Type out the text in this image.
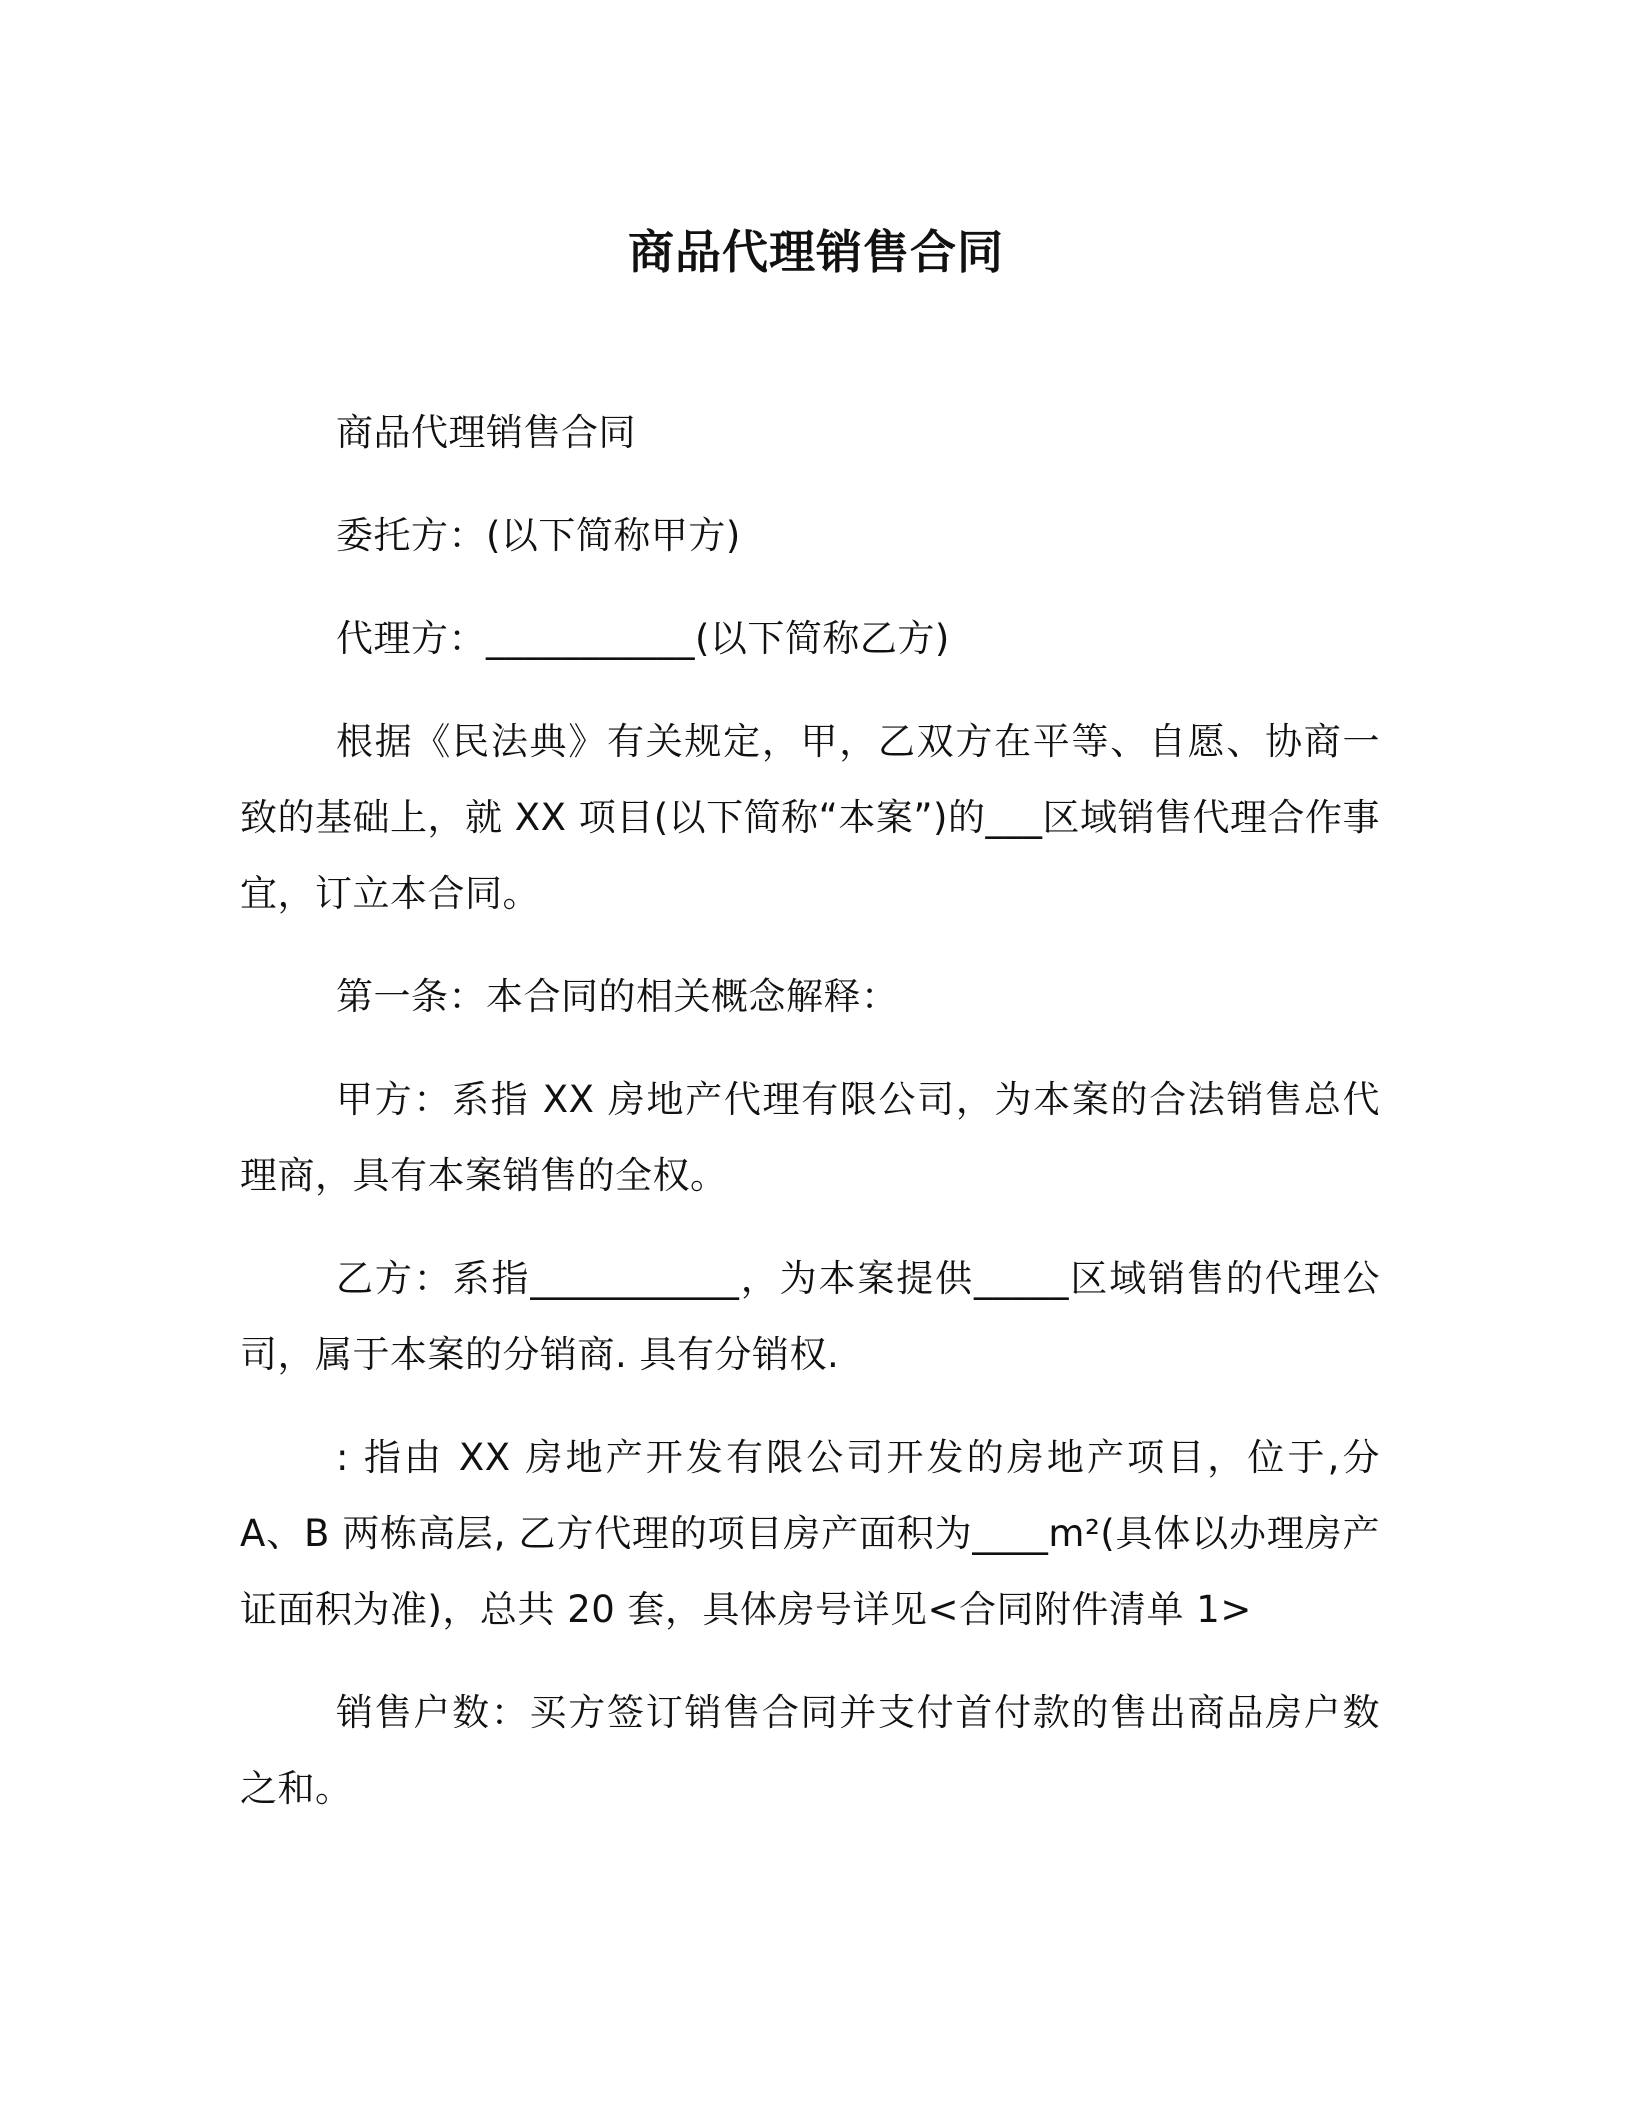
商品代理销售合同

商品代理销售合同

委托方：(以下简称甲方)

代理方：___________(以下简称乙方)

根据《民法典》有关规定，甲，乙双方在平等、自愿、协商一致的基础上，就 XX 项目(以下简称“本案”)的___区域销售代理合作事宜，订立本合同。

第一条：本合同的相关概念解释：

甲方：系指 XX 房地产代理有限公司，为本案的合法销售总代理商，具有本案销售的全权。

乙方：系指___________，为本案提供_____区域销售的代理公司，属于本案的分销商. 具有分销权.

: 指由 XX 房地产开发有限公司开发的房地产项目，位于,分 A、B 两栋高层, 乙方代理的项目房产面积为____m²(具体以办理房产证面积为准)，总共 20 套，具体房号详见<合同附件清单 1>

销售户数：买方签订销售合同并支付首付款的售出商品房户数之和。
